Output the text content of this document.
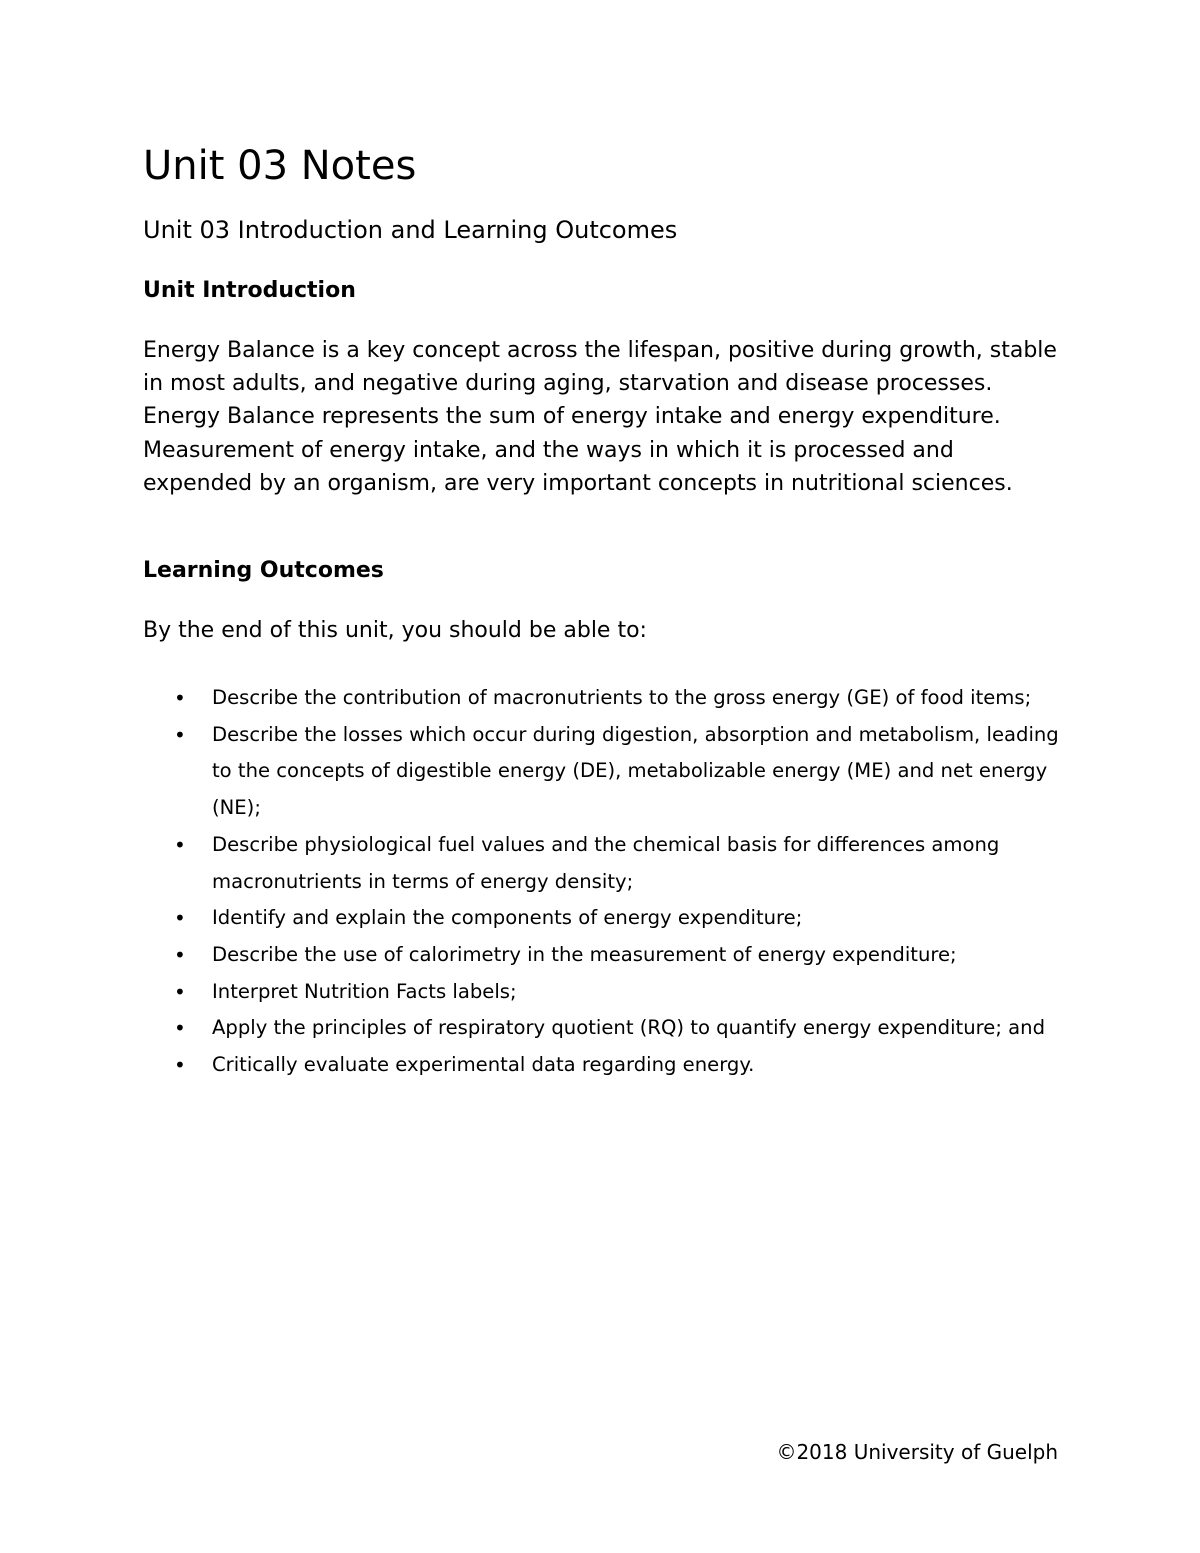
Unit 03 Notes
Unit 03 Introduction and Learning Outcomes
Unit Introduction

Energy Balance is a key concept across the lifespan, positive during growth, stable in most adults, and negative during aging, starvation and disease processes. Energy Balance represents the sum of energy intake and energy expenditure. Measurement of energy intake, and the ways in which it is processed and expended by an organism, are very important concepts in nutritional sciences.

Learning Outcomes

By the end of this unit, you should be able to:

• Describe the contribution of macronutrients to the gross energy (GE) of food items;
• Describe the losses which occur during digestion, absorption and metabolism, leading to the concepts of digestible energy (DE), metabolizable energy (ME) and net energy (NE);
• Describe physiological fuel values and the chemical basis for differences among macronutrients in terms of energy density;
• Identify and explain the components of energy expenditure;
• Describe the use of calorimetry in the measurement of energy expenditure;
• Interpret Nutrition Facts labels;
• Apply the principles of respiratory quotient (RQ) to quantify energy expenditure; and
• Critically evaluate experimental data regarding energy.

©2018 University of Guelph
